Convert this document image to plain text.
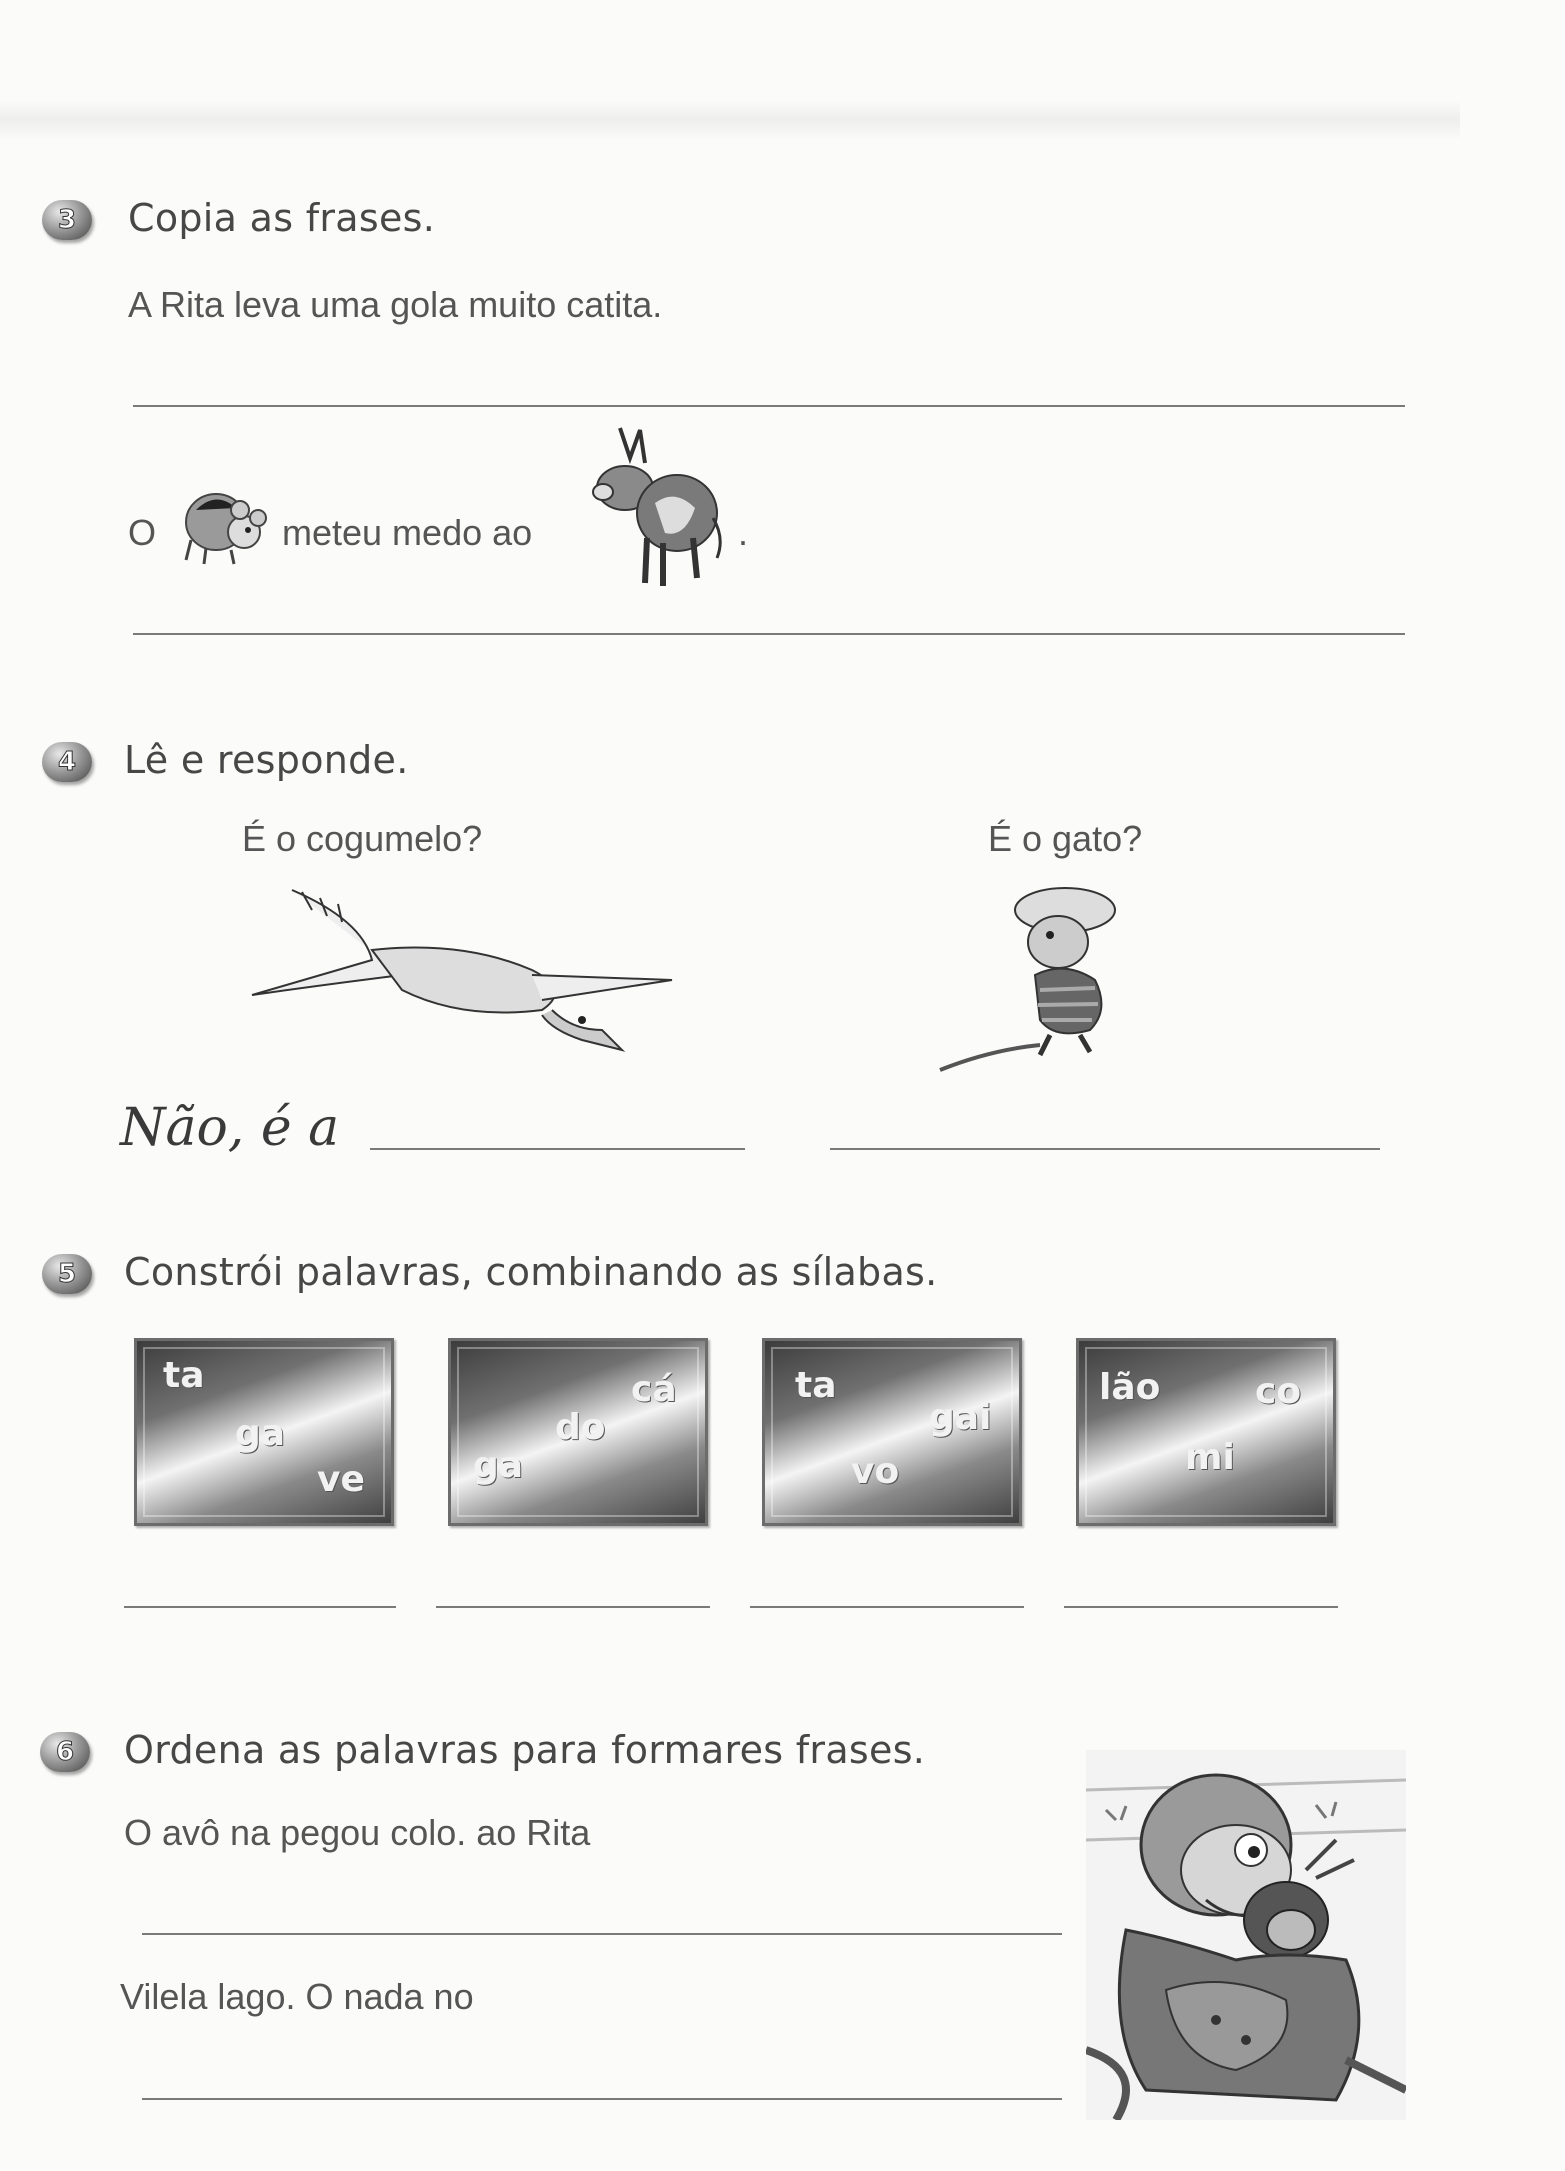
3	Copia as frases.
A Rita leva uma gola muito catita.
O	meteu medo ao	.
4	Lê e responde.
É o cogumelo?	É o gato?
Não, é a
5	Constrói palavras, combinando as sílabas.
ta
ga
ve
cá
do
ga
ta
gai
vo
lão	co
mi
6	Ordena as palavras para formares frases.
O avô na pegou colo. ao Rita
Vilela lago. O nada no
